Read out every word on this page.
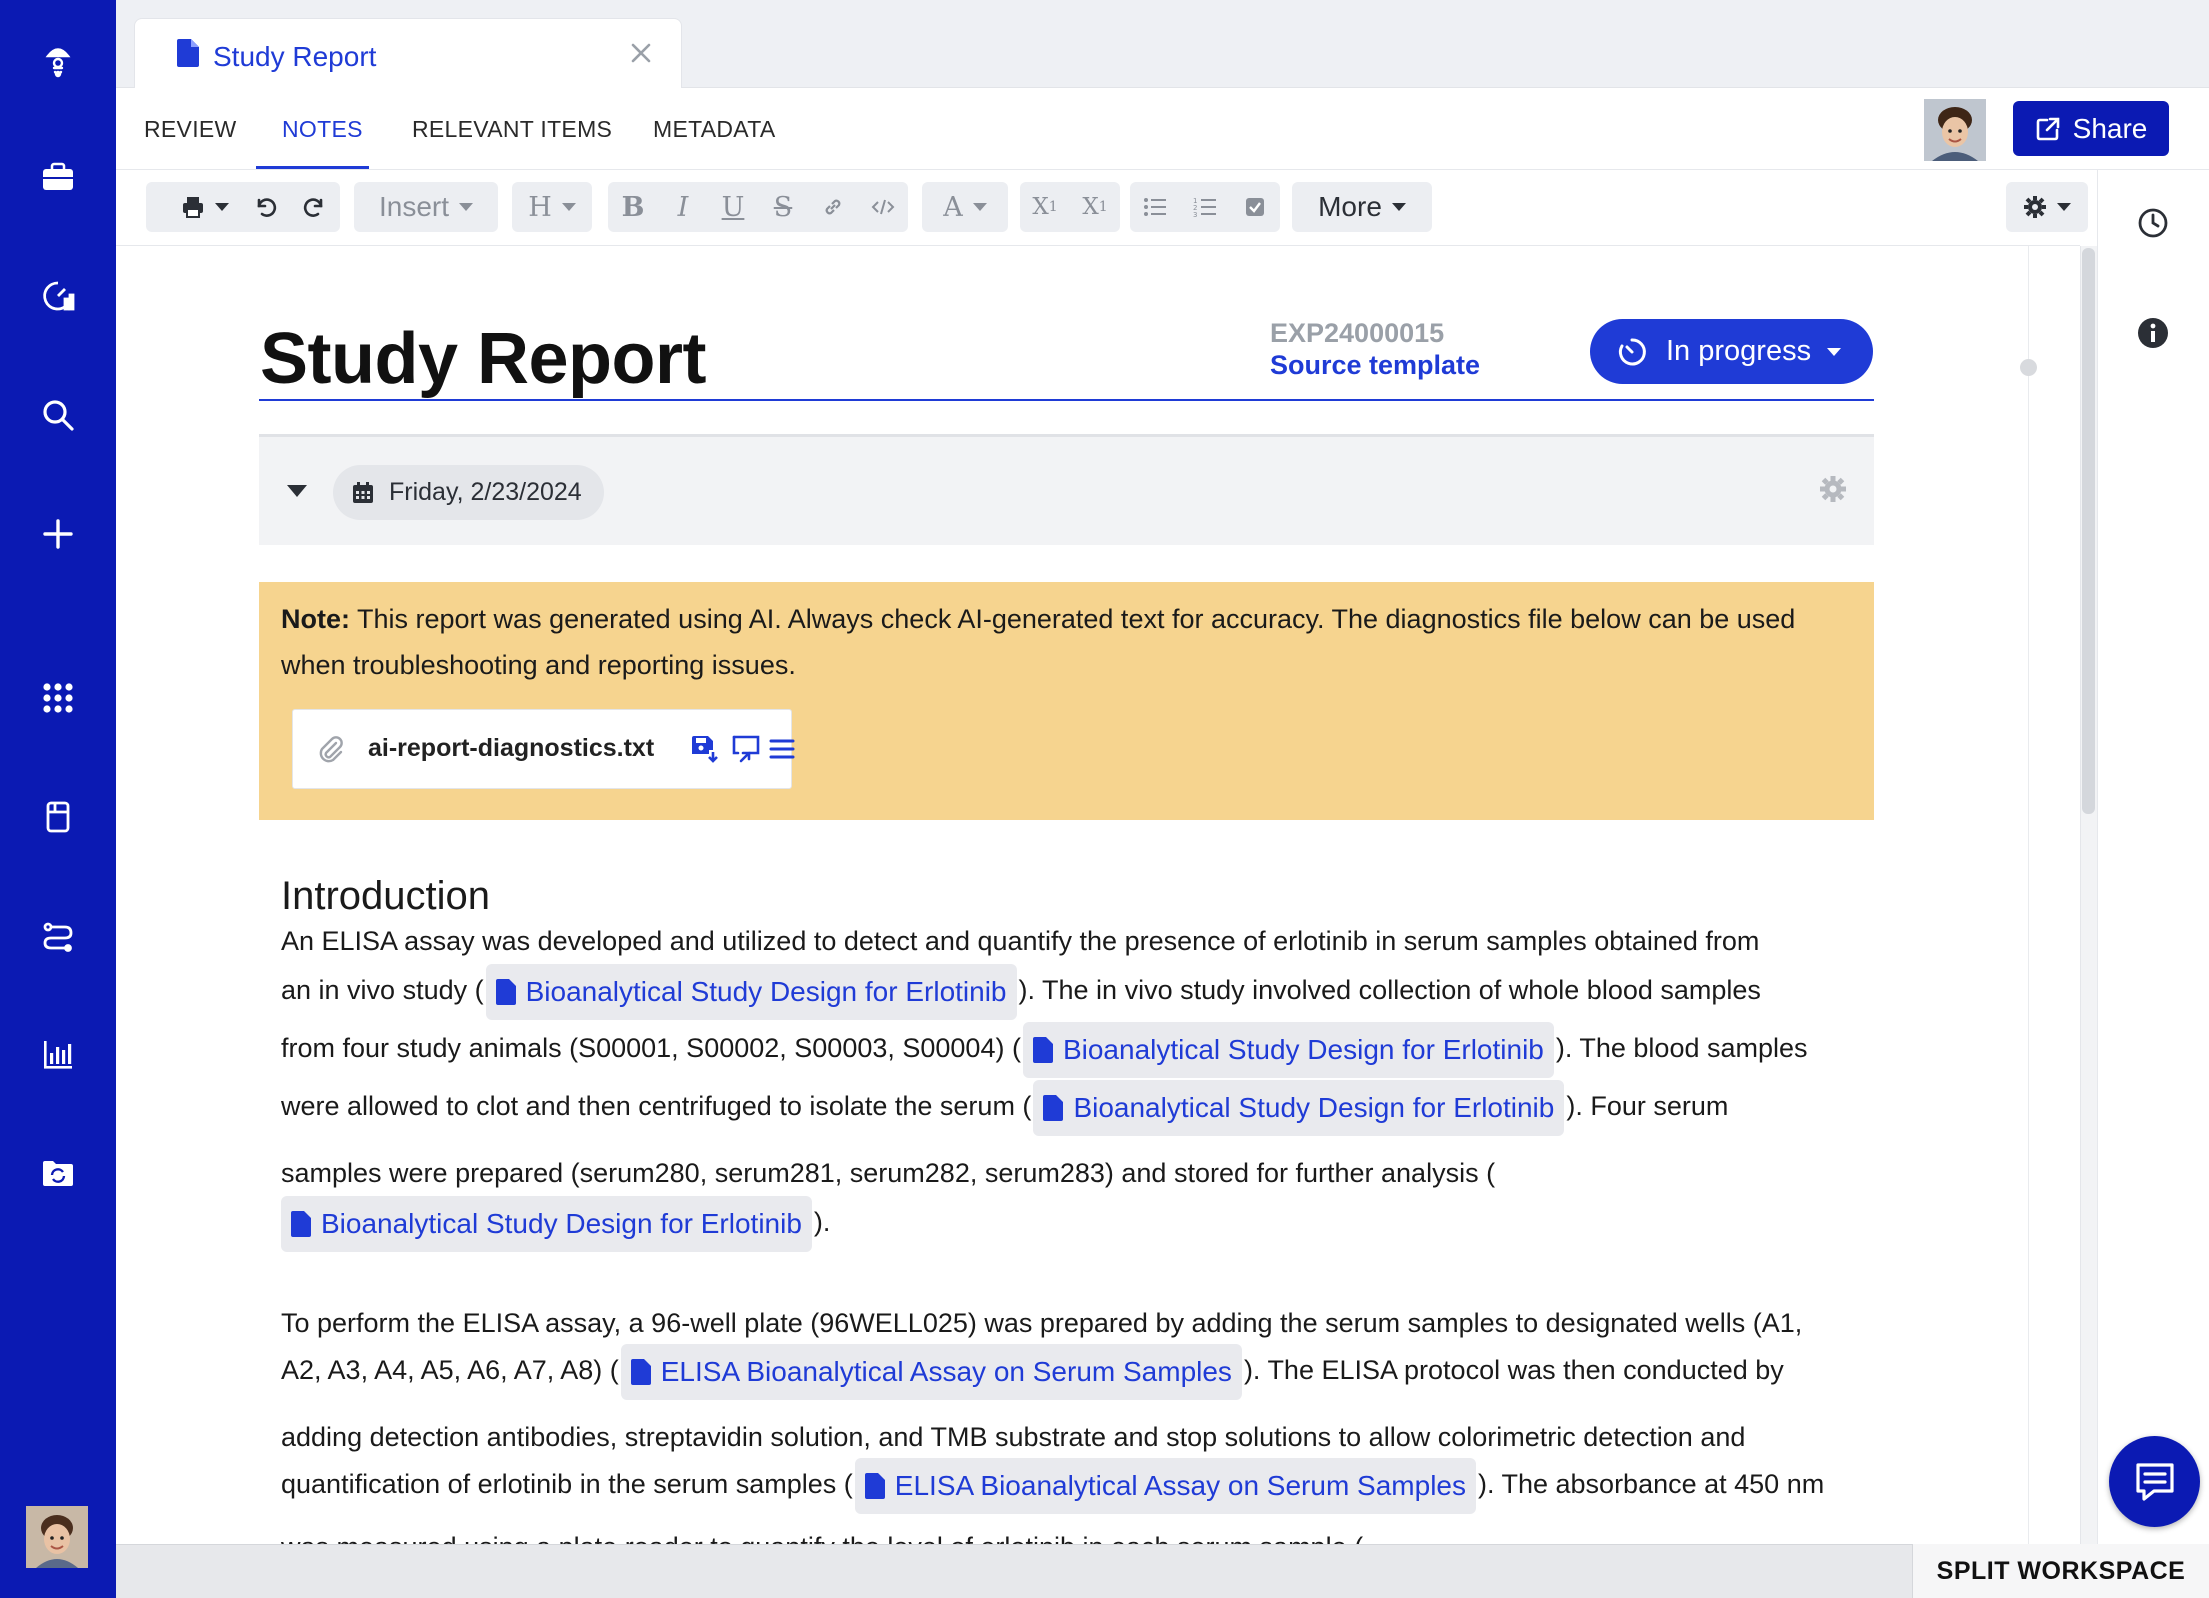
Study Report
REVIEW NOTES RELEVANT ITEMS METADATA	Share
Insert	H	B	I	U	S	A	X 1	X 1	1
2
3	More
Study Report	EXP24000015
Source template	In progress
Friday, 2/23/2024
Note: This report was generated using AI. Always check AI-generated text for accuracy. The diagnostics file below can be used when troubleshooting and reporting issues.
ai-report-diagnostics.txt
Introduction
An ELISA assay was developed and utilized to detect and quantify the presence of erlotinib in serum samples obtained from
an in vivo study ( Bioanalytical Study Design for Erlotinib ). The in vivo study involved collection of whole blood samples
from four study animals (S00001, S00002, S00003, S00004) ( Bioanalytical Study Design for Erlotinib ). The blood samples
were allowed to clot and then centrifuged to isolate the serum ( Bioanalytical Study Design for Erlotinib ). Four serum
samples were prepared (serum280, serum281, serum282, serum283) and stored for further analysis (
Bioanalytical Study Design for Erlotinib ).
To perform the ELISA assay, a 96-well plate (96WELL025) was prepared by adding the serum samples to designated wells (A1,
A2, A3, A4, A5, A6, A7, A8) ( ELISA Bioanalytical Assay on Serum Samples ). The ELISA protocol was then conducted by
adding detection antibodies, streptavidin solution, and TMB substrate and stop solutions to allow colorimetric detection and
quantification of erlotinib in the serum samples ( ELISA Bioanalytical Assay on Serum Samples ). The absorbance at 450 nm
SPLIT WORKSPACE
